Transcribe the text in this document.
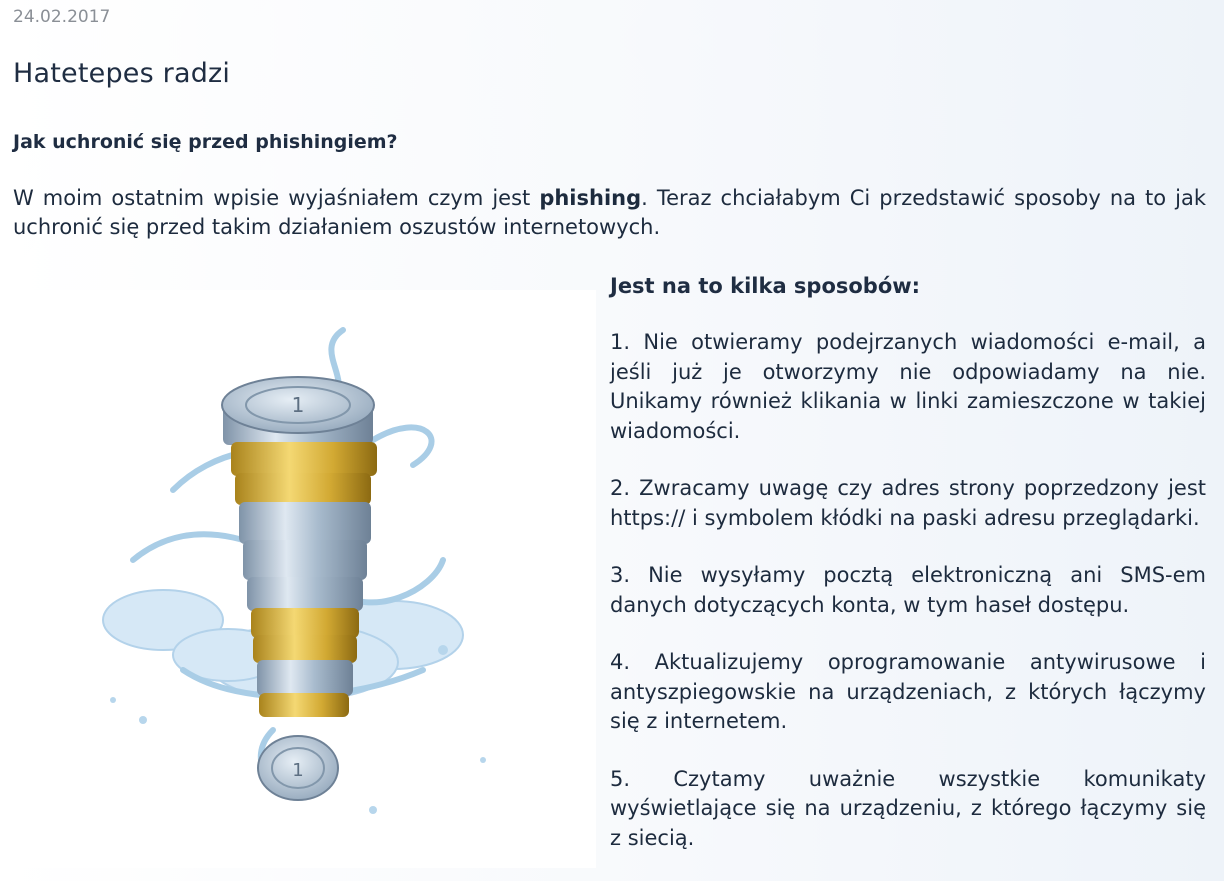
24.02.2017
Hatetepes radzi
Jak uchronić się przed phishingiem?

W moim ostatnim wpisie wyjaśniałem czym jest phishing. Teraz chciałabym Ci przedstawić sposoby na to jak uchronić się przed takim działaniem oszustów internetowych.

1
1

Jest na to kilka sposobów:

1. Nie otwieramy podejrzanych wiadomości e-mail, a jeśli już je otworzymy nie odpowiadamy na nie. Unikamy również klikania w linki zamieszczone w takiej wiadomości.

2. Zwracamy uwagę czy adres strony poprzedzony jest https:// i symbolem kłódki na paski adresu przeglądarki.

3. Nie wysyłamy pocztą elektroniczną ani SMS-em danych dotyczących konta, w tym haseł dostępu.

4. Aktualizujemy oprogramowanie antywirusowe i antyszpiegowskie na urządzeniach, z których łączymy się z internetem.

5. Czytamy uważnie wszystkie komunikaty wyświetlające się na urządzeniu, z którego łączymy się z siecią.
